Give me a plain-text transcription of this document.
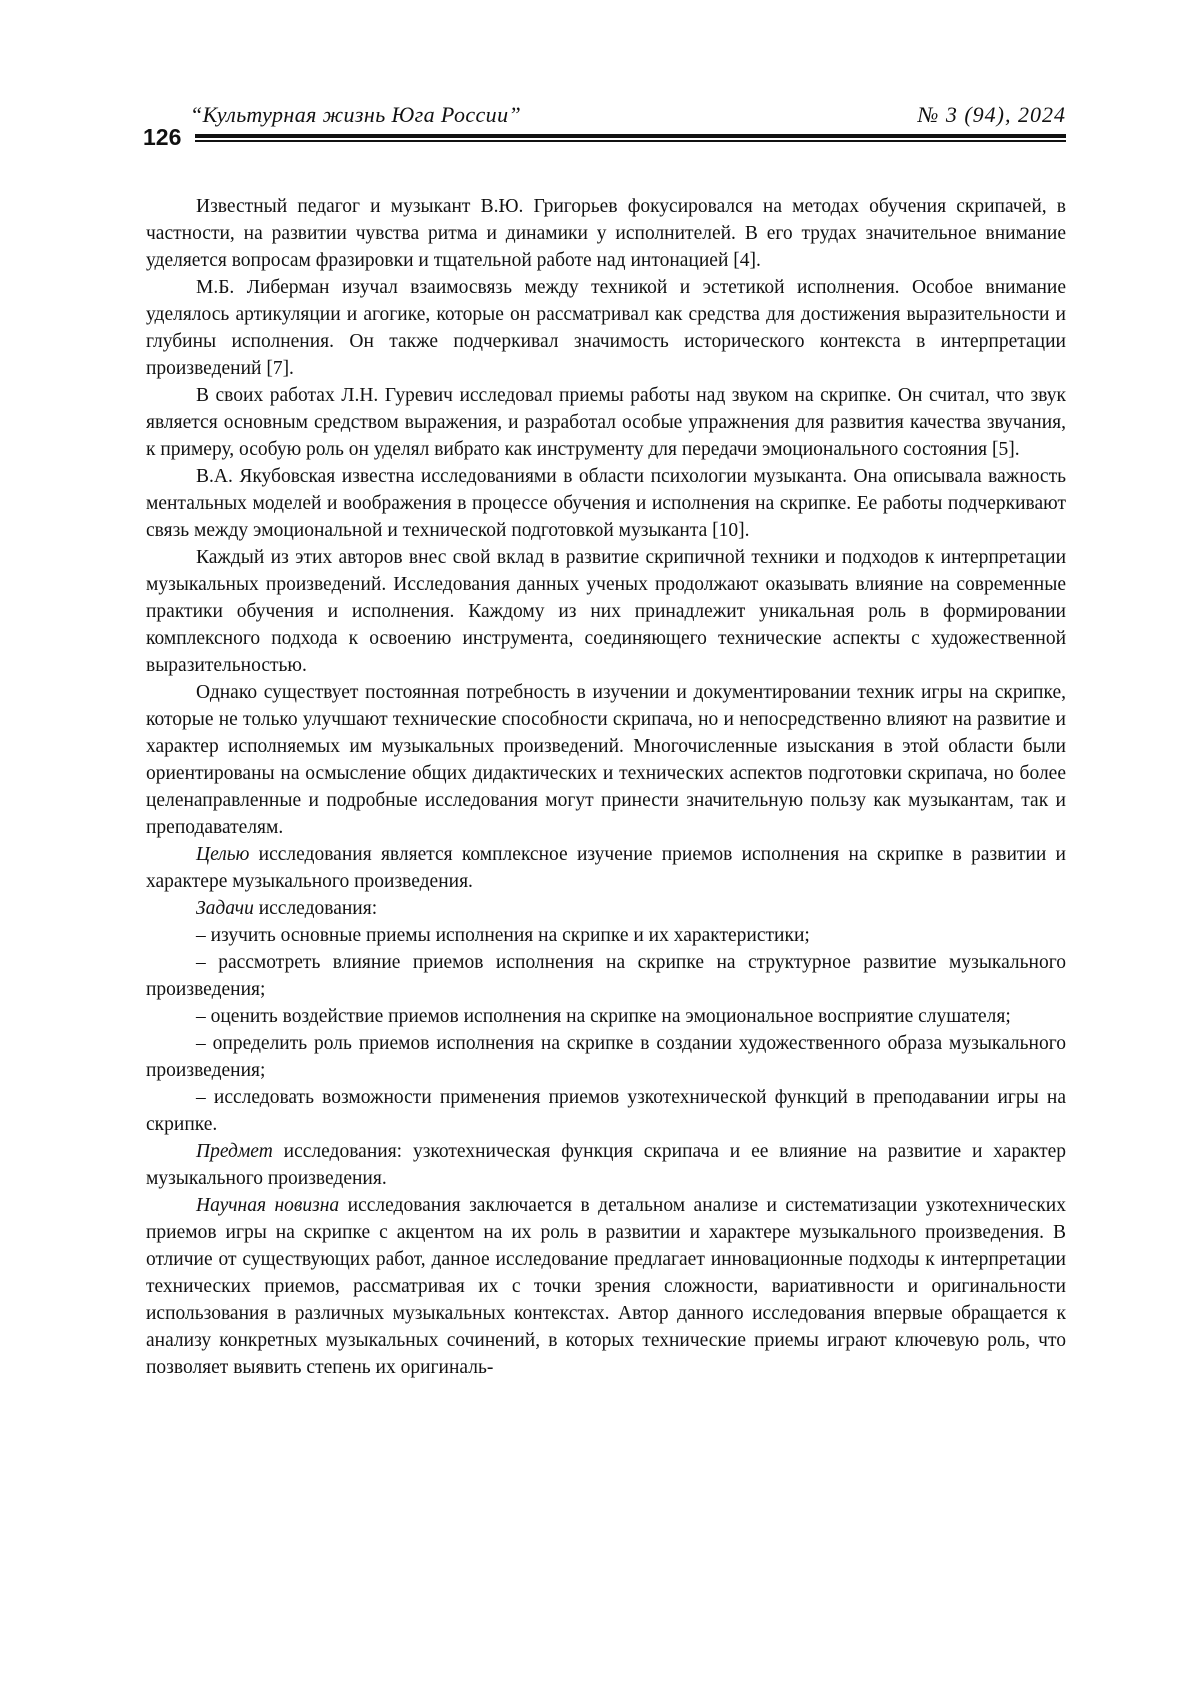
“Культурная жизнь Юга России”	№ 3 (94), 2024
126

Известный педагог и музыкант В.Ю. Григорьев фокусировался на методах обучения скрипачей, в частности, на развитии чувства ритма и динамики у исполнителей. В его трудах значительное внимание уделяется вопросам фразировки и тщательной работе над интонацией [4].

М.Б. Либерман изучал взаимосвязь между техникой и эстетикой исполнения. Особое внимание уделялось артикуляции и агогике, которые он рассматривал как средства для достижения выразительности и глубины исполнения. Он также подчеркивал значимость исторического контекста в интерпретации произведений [7].

В своих работах Л.Н. Гуревич исследовал приемы работы над звуком на скрипке. Он считал, что звук является основным средством выражения, и разработал особые упражнения для развития качества звучания, к примеру, особую роль он уделял вибрато как инструменту для передачи эмоционального состояния [5].

В.А. Якубовская известна исследованиями в области психологии музыканта. Она описывала важность ментальных моделей и воображения в процессе обучения и исполнения на скрипке. Ее работы подчеркивают связь между эмоциональной и технической подготовкой музыканта [10].

Каждый из этих авторов внес свой вклад в развитие скрипичной техники и подходов к интерпретации музыкальных произведений. Исследования данных ученых продолжают оказывать влияние на современные практики обучения и исполнения. Каждому из них принадлежит уникальная роль в формировании комплексного подхода к освоению инструмента, соединяющего технические аспекты с художественной выразительностью.

Однако существует постоянная потребность в изучении и документировании техник игры на скрипке, которые не только улучшают технические способности скрипача, но и непосредственно влияют на развитие и характер исполняемых им музыкальных произведений. Многочисленные изыскания в этой области были ориентированы на осмысление общих дидактических и технических аспектов подготовки скрипача, но более целенаправленные и подробные исследования могут принести значительную пользу как музыкантам, так и преподавателям.

Целью исследования является комплексное изучение приемов исполнения на скрипке в развитии и характере музыкального произведения.

Задачи исследования:

– изучить основные приемы исполнения на скрипке и их характеристики;

– рассмотреть влияние приемов исполнения на скрипке на структурное развитие музыкального произведения;

– оценить воздействие приемов исполнения на скрипке на эмоциональное восприятие слушателя;

– определить роль приемов исполнения на скрипке в создании художественного образа музыкального произведения;

– исследовать возможности применения приемов узкотехнической функций в преподавании игры на скрипке.

Предмет исследования: узкотехническая функция скрипача и ее влияние на развитие и характер музыкального произведения.

Научная новизна исследования заключается в детальном анализе и систематизации узкотехнических приемов игры на скрипке с акцентом на их роль в развитии и характере музыкального произведения. В отличие от существующих работ, данное исследование предлагает инновационные подходы к интерпретации технических приемов, рассматривая их с точки зрения сложности, вариативности и оригинальности использования в различных музыкальных контекстах. Автор данного исследования впервые обращается к анализу конкретных музыкальных сочинений, в которых технические приемы играют ключевую роль, что позволяет выявить степень их оригиналь-
